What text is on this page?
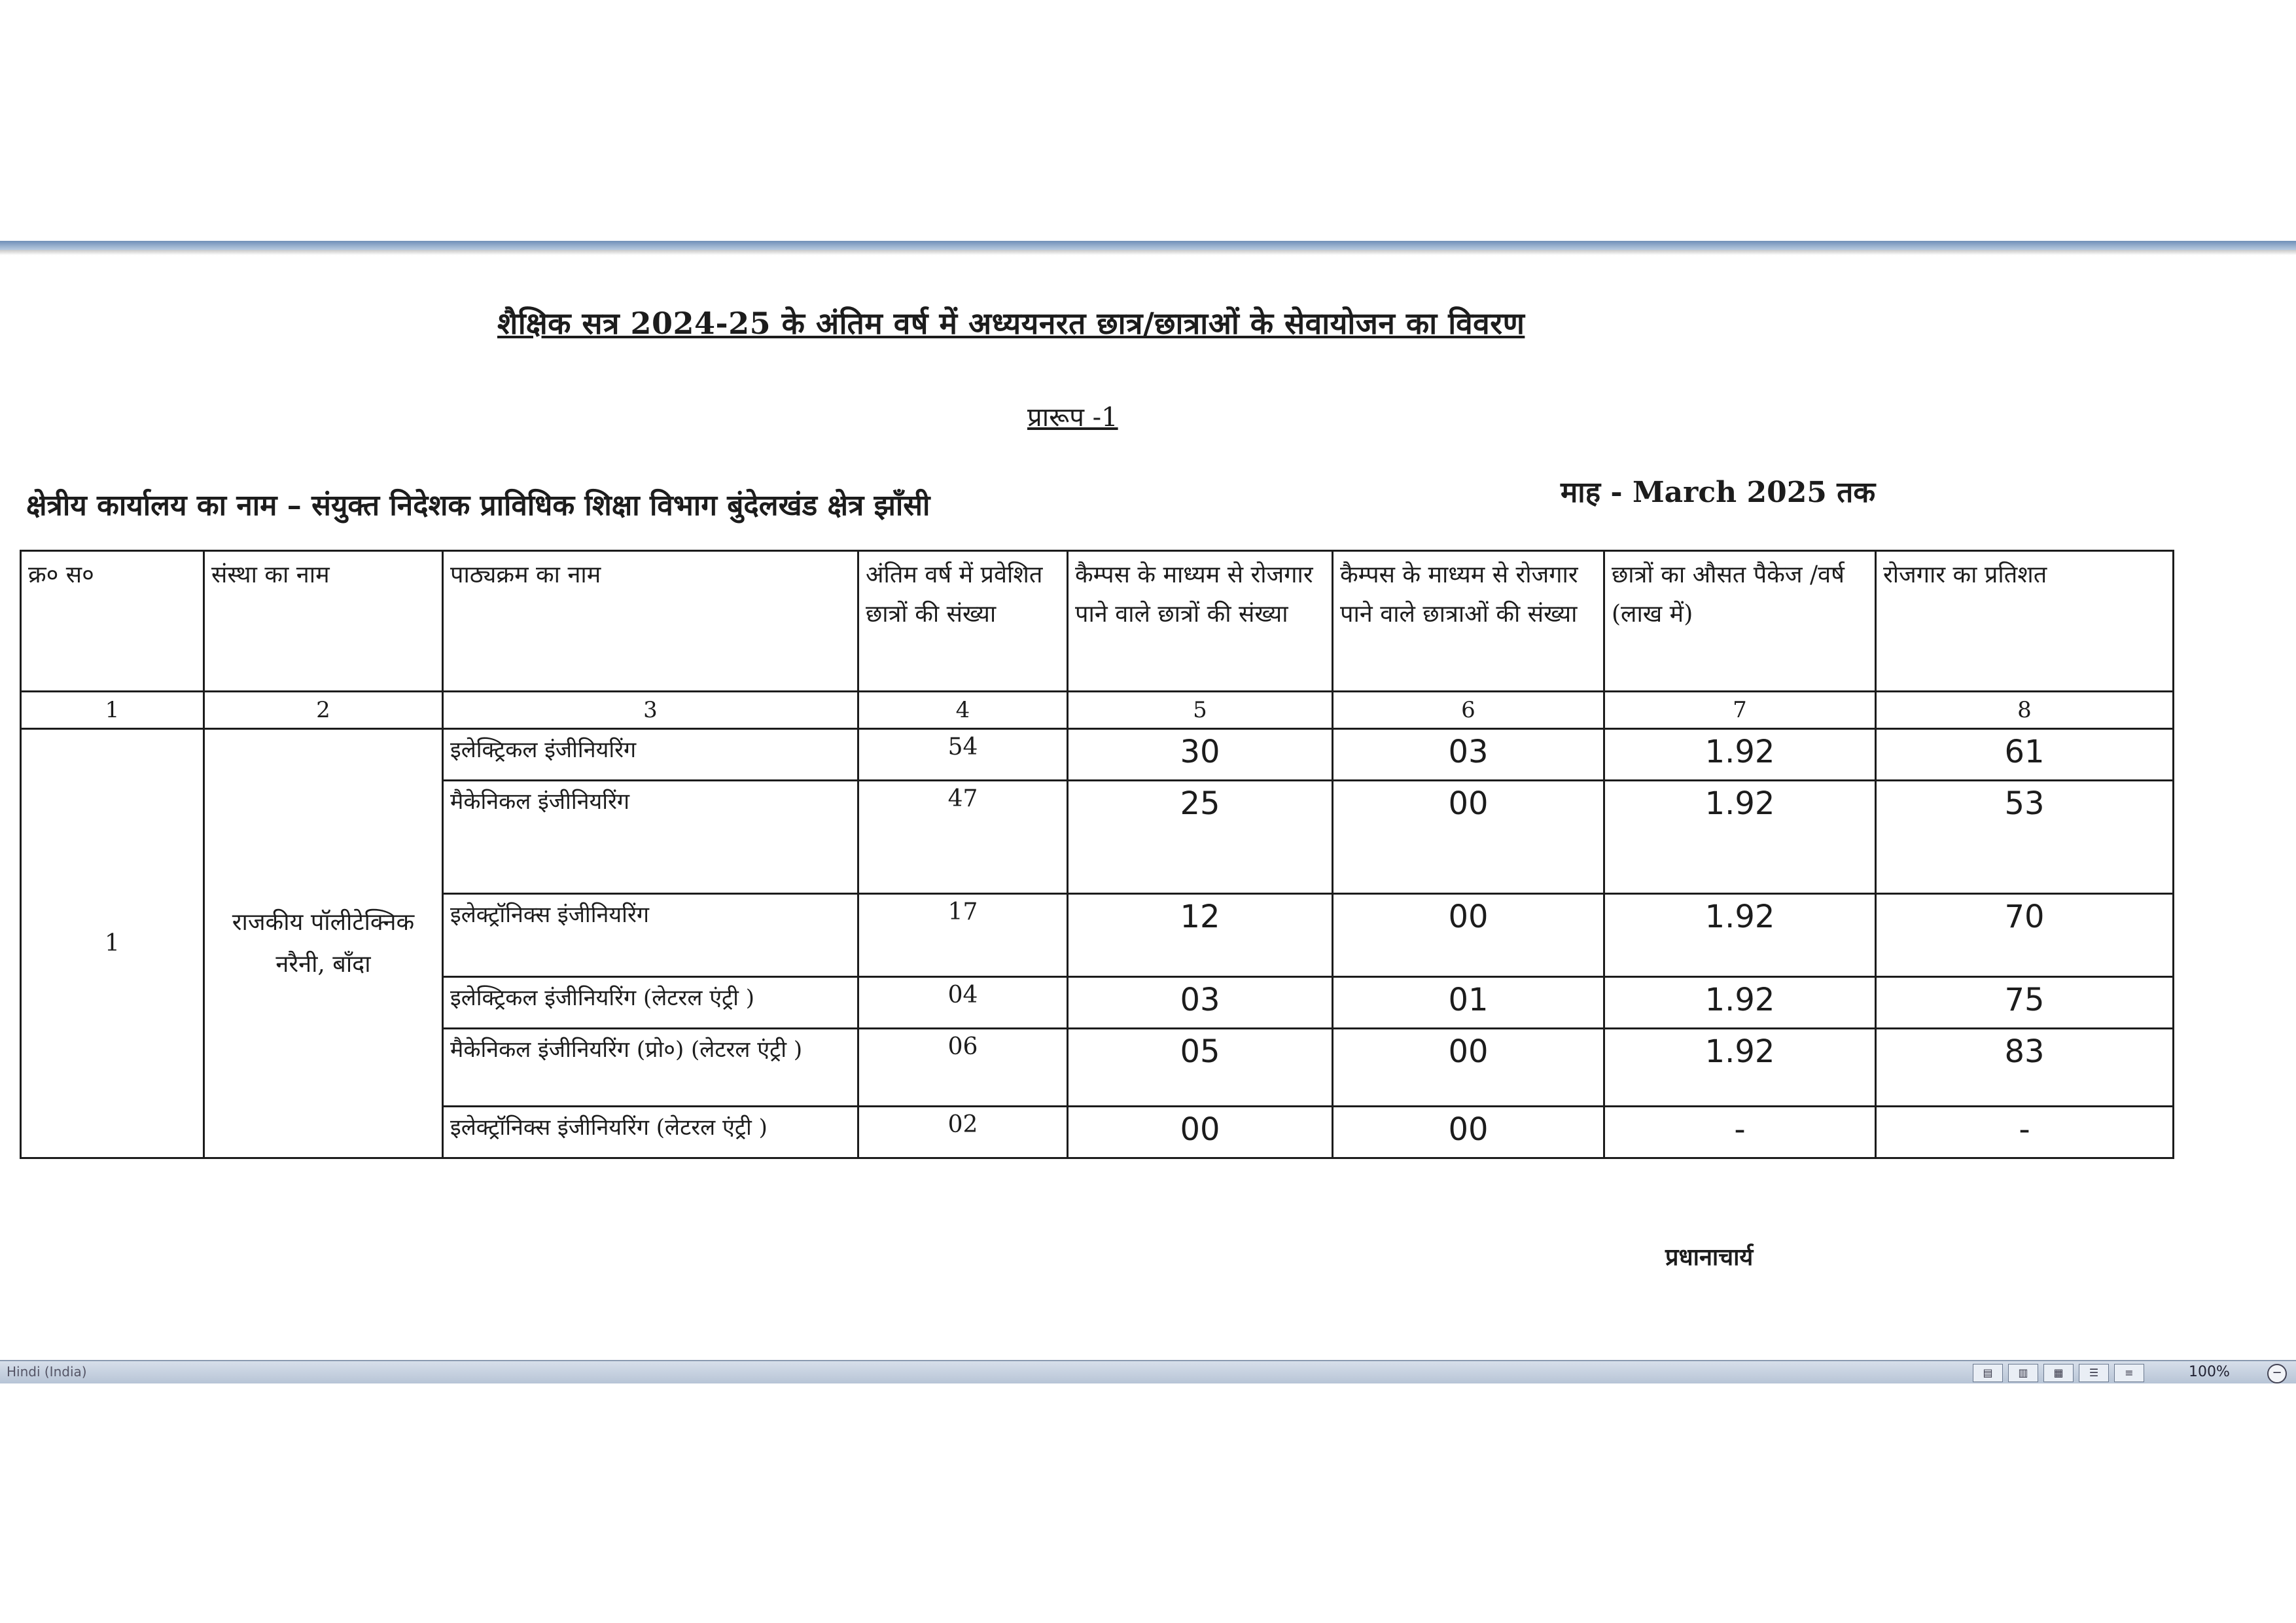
शैक्षिक सत्र 2024-25 के अंतिम वर्ष में अध्ययनरत छात्र/छात्राओं के सेवायोजन का विवरण
प्रारूप -1
क्षेत्रीय कार्यालय का नाम – संयुक्त निदेशक प्राविधिक शिक्षा विभाग बुंदेलखंड क्षेत्र झाँसी	माह - March 2025 तक
क्र० स०	संस्था का नाम	पाठ्यक्रम का नाम	अंतिम वर्ष में प्रवेशित छात्रों की संख्या	कैम्पस के माध्यम से रोजगार पाने वाले छात्रों की संख्या	कैम्पस के माध्यम से रोजगार पाने वाले छात्राओं की संख्या	छात्रों का औसत पैकेज /वर्ष (लाख में)	रोजगार का प्रतिशत
1	2	3	4	5	6	7	8
1	राजकीय पॉलीटेक्निक नरैनी, बाँदा	इलेक्ट्रिकल इंजीनियरिंग	54	30	03	1.92	61
		मैकेनिकल इंजीनियरिंग	47	25	00	1.92	53
		इलेक्ट्रॉनिक्स इंजीनियरिंग	17	12	00	1.92	70
		इलेक्ट्रिकल इंजीनियरिंग (लेटरल एंट्री )	04	03	01	1.92	75
		मैकेनिकल इंजीनियरिंग (प्रो०) (लेटरल एंट्री )	06	05	00	1.92	83
		इलेक्ट्रॉनिक्स इंजीनियरिंग (लेटरल एंट्री )	02	00	00	-	-
प्रधानाचार्य
Hindi (India)	▤	▥	▦	☰	≡	100%	−
